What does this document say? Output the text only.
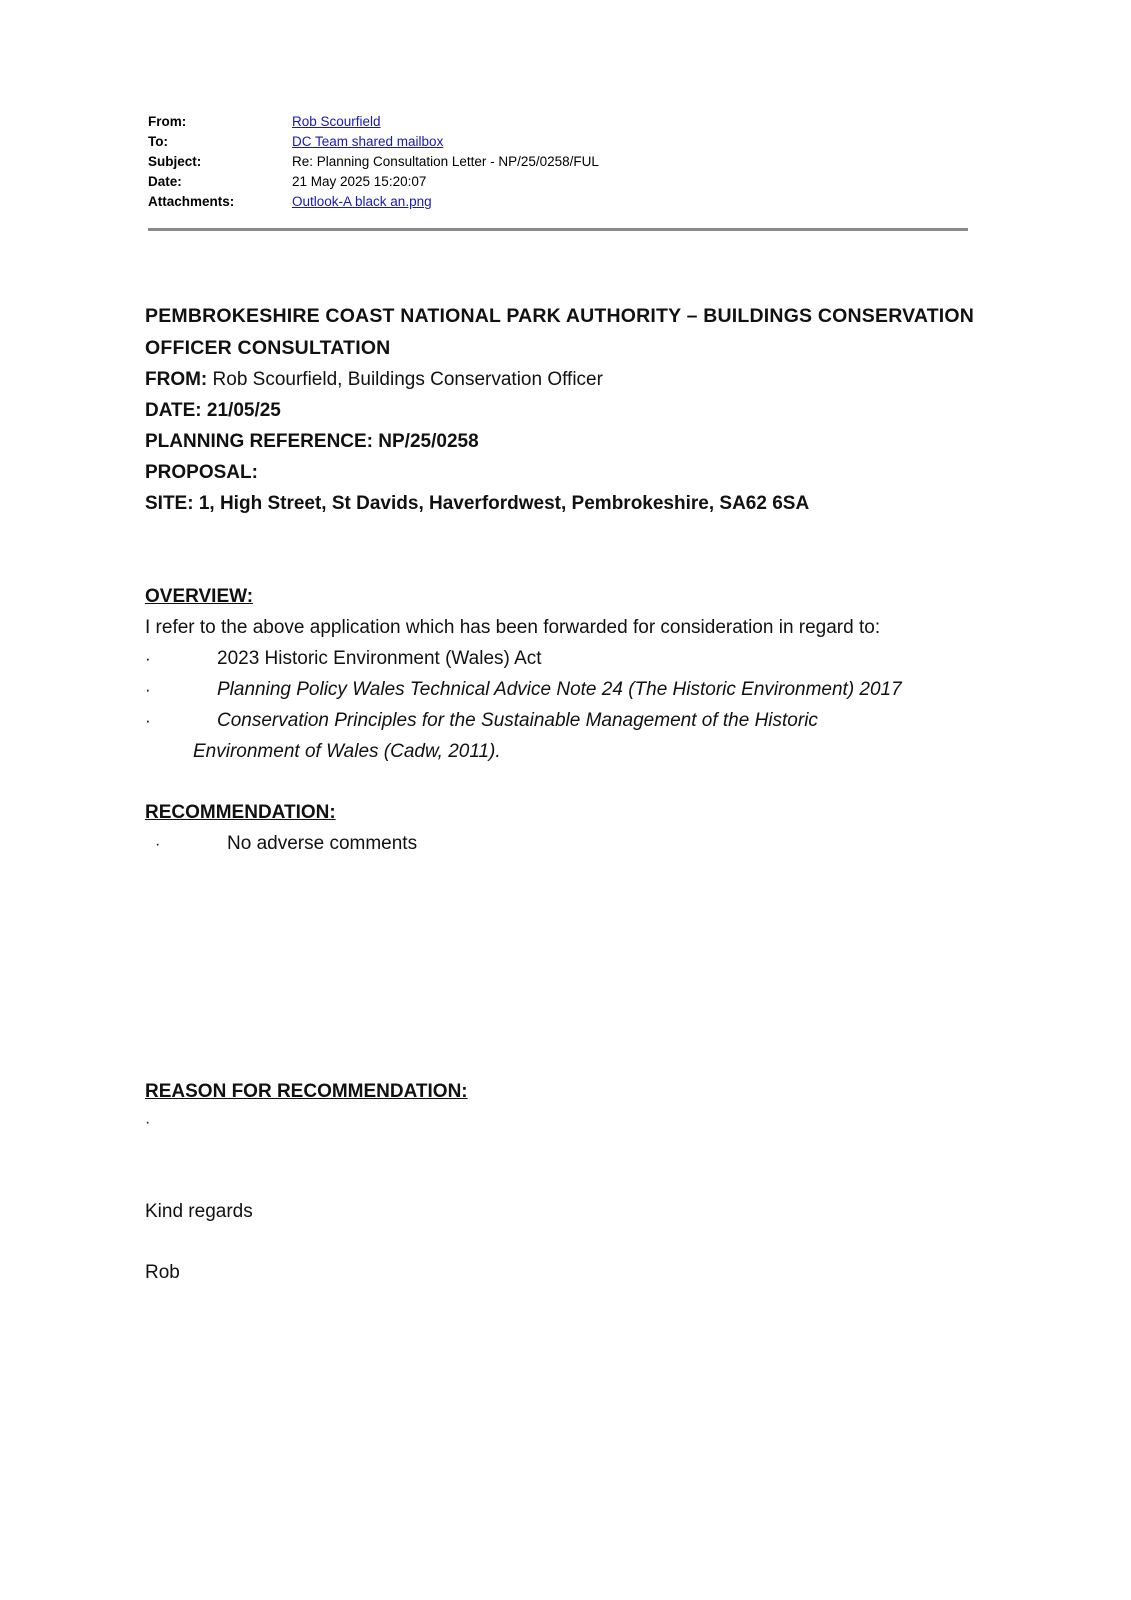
From:	Rob Scourfield
To:	DC Team shared mailbox
Subject:	Re: Planning Consultation Letter - NP/25/0258/FUL
Date:	21 May 2025 15:20:07
Attachments:	Outlook-A black an.png

PEMBROKESHIRE COAST NATIONAL PARK AUTHORITY – BUILDINGS CONSERVATION
OFFICER CONSULTATION

FROM: Rob Scourfield, Buildings Conservation Officer

DATE: 21/05/25

PLANNING REFERENCE: NP/25/0258

PROPOSAL:

SITE: 1, High Street, St Davids, Haverfordwest, Pembrokeshire, SA62 6SA

OVERVIEW:

I refer to the above application which has been forwarded for consideration in regard to:

·	2023 Historic Environment (Wales) Act
·	Planning Policy Wales Technical Advice Note 24 (The Historic Environment) 2017
·	Conservation Principles for the Sustainable Management of the Historic

Environment of Wales (Cadw, 2011).

RECOMMENDATION:

·	No adverse comments

REASON FOR RECOMMENDATION:

·

Kind regards

Rob
